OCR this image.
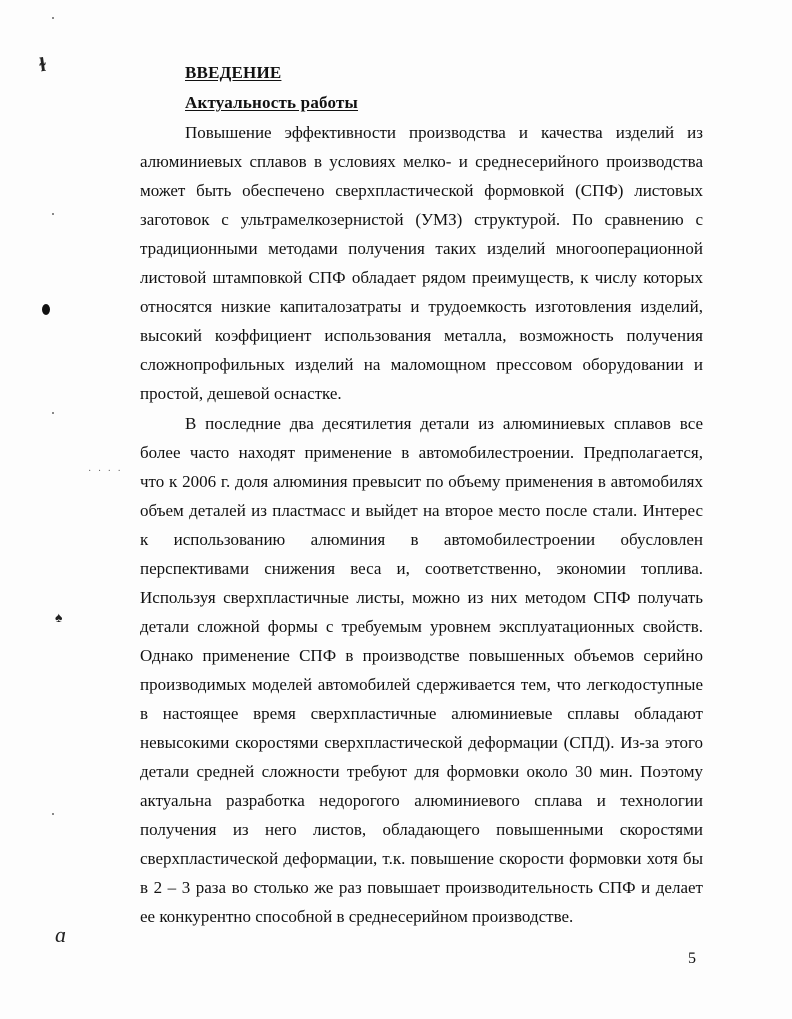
ɫ
♠
ɑ
· · · ·
ВВЕДЕНИЕ
Актуальность работы

Повышение эффективности производства и качества изделий из
алюминиевых сплавов в условиях мелко- и среднесерийного производства
может быть обеспечено сверхпластической формовкой (СПФ) листовых
заготовок с ультрамелкозернистой (УМЗ) структурой. По сравнению с
традиционными методами получения таких изделий многооперационной
листовой штамповкой СПФ обладает рядом преимуществ, к числу которых
относятся низкие капиталозатраты и трудоемкость изготовления изделий,
высокий коэффициент использования металла, возможность получения
сложнопрофильных изделий на маломощном прессовом оборудовании и
простой, дешевой оснастке.

В последние два десятилетия детали из алюминиевых сплавов все
более часто находят применение в автомобилестроении. Предполагается,
что к 2006 г. доля алюминия превысит по объему применения в автомобилях
объем деталей из пластмасс и выйдет на второе место после стали. Интерес
к использованию алюминия в автомобилестроении обусловлен
перспективами снижения веса и, соответственно, экономии топлива.
Используя сверхпластичные листы, можно из них методом СПФ получать
детали сложной формы с требуемым уровнем эксплуатационных свойств.
Однако применение СПФ в производстве повышенных объемов серийно
производимых моделей автомобилей сдерживается тем, что легкодоступные
в настоящее время сверхпластичные алюминиевые сплавы обладают
невысокими скоростями сверхпластической деформации (СПД). Из-за этого
детали средней сложности требуют для формовки около 30 мин. Поэтому
актуальна разработка недорогого алюминиевого сплава и технологии
получения из него листов, обладающего повышенными скоростями
сверхпластической деформации, т.к. повышение скорости формовки хотя бы
в 2 – 3 раза во столько же раз повышает производительность СПФ и делает
ее конкурентно способной в среднесерийном производстве.

5
